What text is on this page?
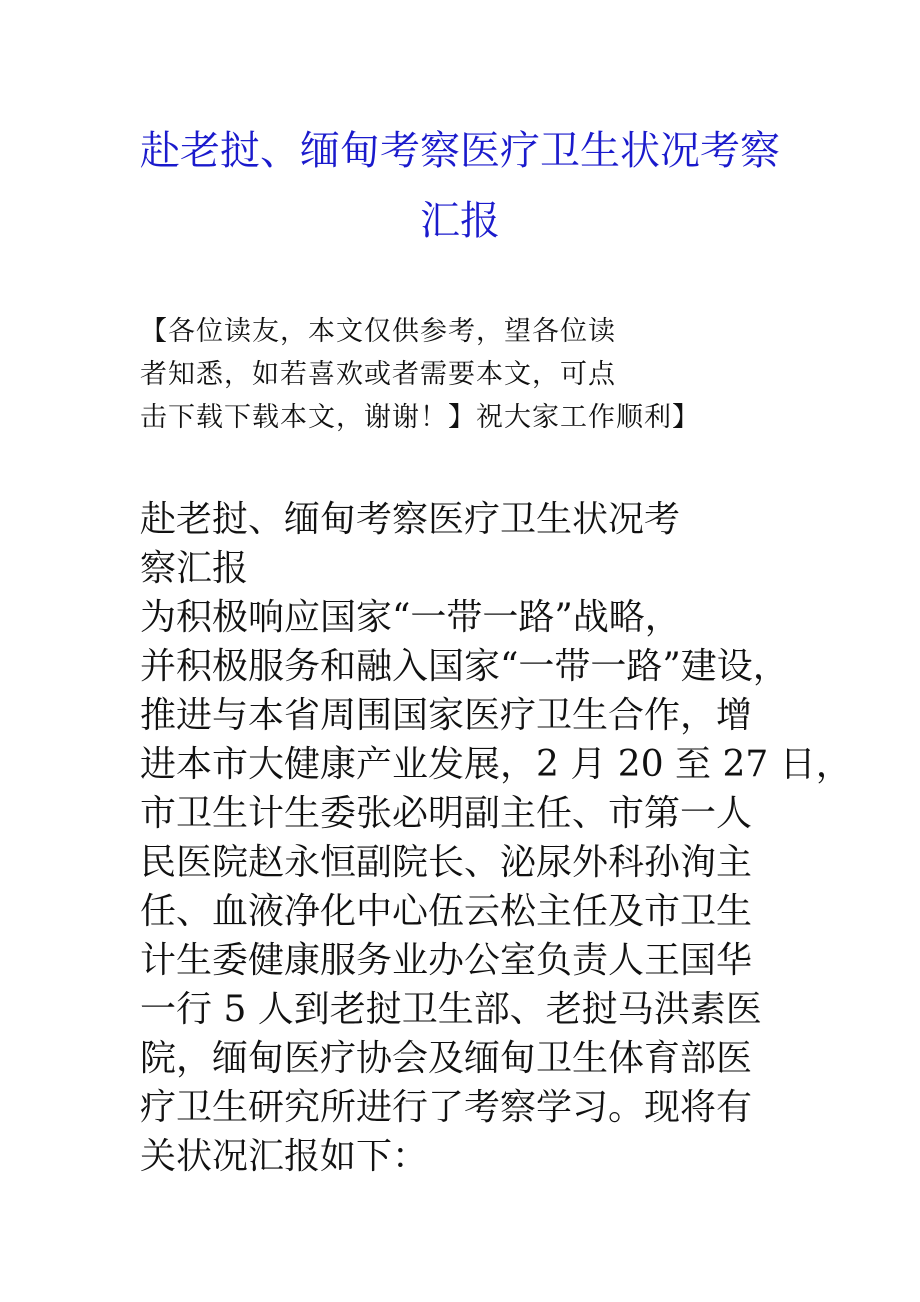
赴老挝、缅甸考察医疗卫生状况考察
汇报
【各位读友，本文仅供参考，望各位读
者知悉，如若喜欢或者需要本文，可点
击下载下载本文，谢谢！】祝大家工作顺利】
赴老挝、缅甸考察医疗卫生状况考
察汇报
为积极响应国家“一带一路”战略，
并积极服务和融入国家“一带一路”建设，
推进与本省周围国家医疗卫生合作，增
进本市大健康产业发展，2 月 20 至 27 日，
市卫生计生委张必明副主任、市第一人
民医院赵永恒副院长、泌尿外科孙洵主
任、血液净化中心伍云松主任及市卫生
计生委健康服务业办公室负责人王国华
一行 5 人到老挝卫生部、老挝马洪素医
院，缅甸医疗协会及缅甸卫生体育部医
疗卫生研究所进行了考察学习。现将有
关状况汇报如下：
